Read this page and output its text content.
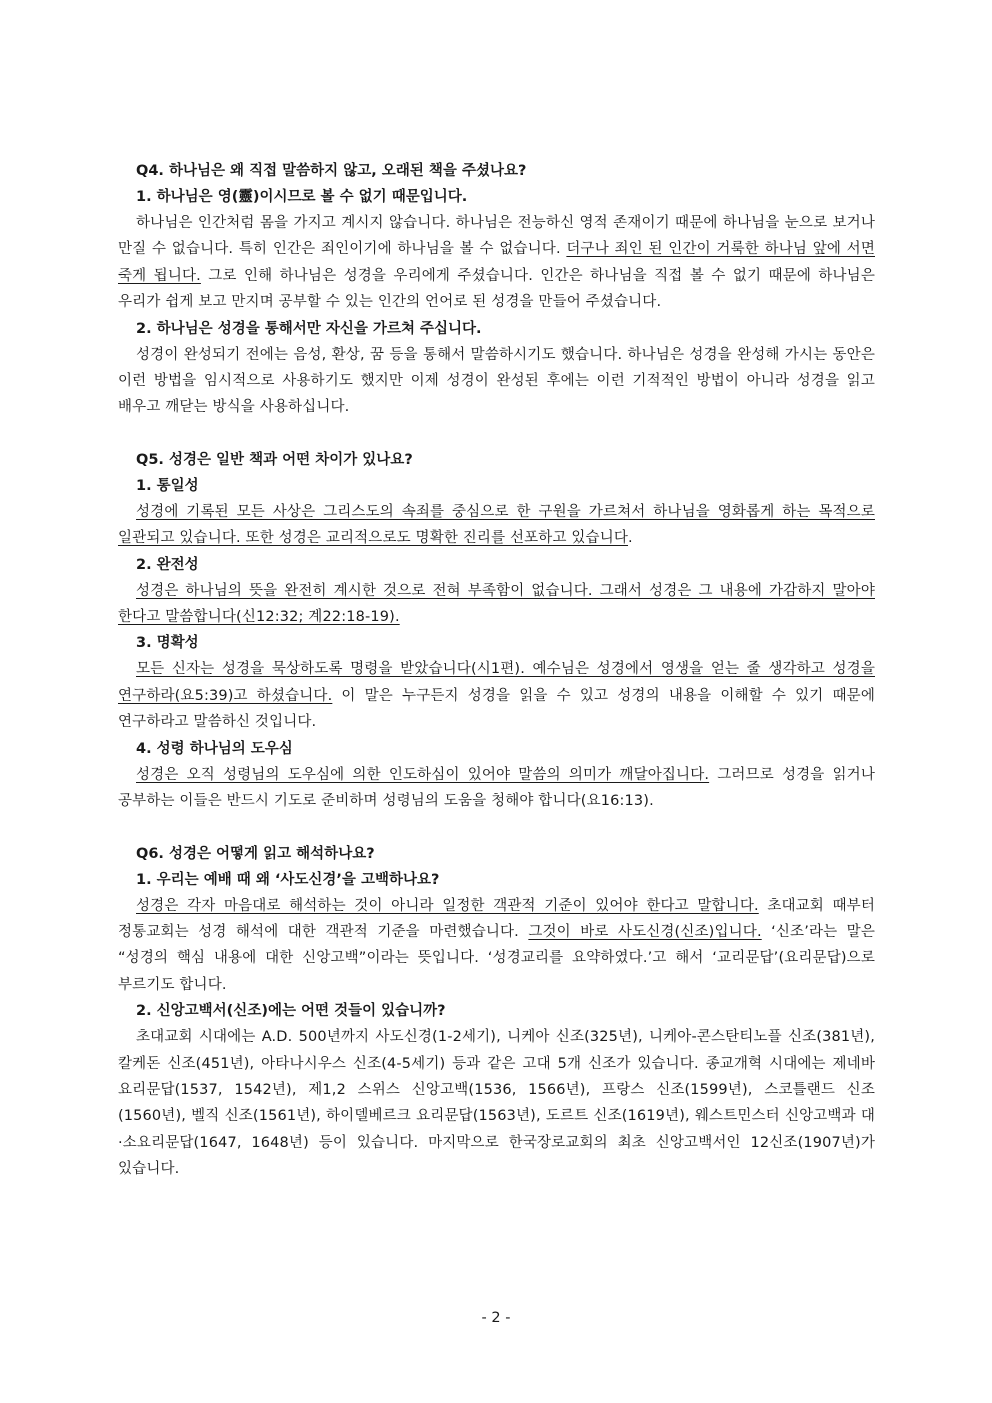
Q4. 하나님은 왜 직접 말씀하지 않고, 오래된 책을 주셨나요?
1. 하나님은 영(靈)이시므로 볼 수 없기 때문입니다.

하나님은 인간처럼 몸을 가지고 계시지 않습니다. 하나님은 전능하신 영적 존재이기 때문에 하나님을 눈으로 보거나 만질 수 없습니다. 특히 인간은 죄인이기에 하나님을 볼 수 없습니다. 더구나 죄인 된 인간이 거룩한 하나님 앞에 서면 죽게 됩니다. 그로 인해 하나님은 성경을 우리에게 주셨습니다. 인간은 하나님을 직접 볼 수 없기 때문에 하나님은 우리가 쉽게 보고 만지며 공부할 수 있는 인간의 언어로 된 성경을 만들어 주셨습니다.

2. 하나님은 성경을 통해서만 자신을 가르쳐 주십니다.

성경이 완성되기 전에는 음성, 환상, 꿈 등을 통해서 말씀하시기도 했습니다. 하나님은 성경을 완성해 가시는 동안은 이런 방법을 임시적으로 사용하기도 했지만 이제 성경이 완성된 후에는 이런 기적적인 방법이 아니라 성경을 읽고 배우고 깨닫는 방식을 사용하십니다.

Q5. 성경은 일반 책과 어떤 차이가 있나요?
1. 통일성

성경에 기록된 모든 사상은 그리스도의 속죄를 중심으로 한 구원을 가르쳐서 하나님을 영화롭게 하는 목적으로 일관되고 있습니다. 또한 성경은 교리적으로도 명확한 진리를 선포하고 있습니다.

2. 완전성

성경은 하나님의 뜻을 완전히 계시한 것으로 전혀 부족함이 없습니다. 그래서 성경은 그 내용에 가감하지 말아야 한다고 말씀합니다(신12:32; 계22:18-19).

3. 명확성

모든 신자는 성경을 묵상하도록 명령을 받았습니다(시1편). 예수님은 성경에서 영생을 얻는 줄 생각하고 성경을 연구하라(요5:39)고 하셨습니다. 이 말은 누구든지 성경을 읽을 수 있고 성경의 내용을 이해할 수 있기 때문에 연구하라고 말씀하신 것입니다.

4. 성령 하나님의 도우심

성경은 오직 성령님의 도우심에 의한 인도하심이 있어야 말씀의 의미가 깨달아집니다. 그러므로 성경을 읽거나 공부하는 이들은 반드시 기도로 준비하며 성령님의 도움을 청해야 합니다(요16:13).

Q6. 성경은 어떻게 읽고 해석하나요?
1. 우리는 예배 때 왜 ‘사도신경’을 고백하나요?

성경은 각자 마음대로 해석하는 것이 아니라 일정한 객관적 기준이 있어야 한다고 말합니다. 초대교회 때부터 정통교회는 성경 해석에 대한 객관적 기준을 마련했습니다. 그것이 바로 사도신경(신조)입니다. ‘신조’라는 말은 “성경의 핵심 내용에 대한 신앙고백”이라는 뜻입니다. ‘성경교리를 요약하였다.’고 해서 ‘교리문답’(요리문답)으로 부르기도 합니다.

2. 신앙고백서(신조)에는 어떤 것들이 있습니까?

초대교회 시대에는 A.D. 500년까지 사도신경(1-2세기), 니케아 신조(325년), 니케아-콘스탄티노플 신조(381년), 칼케돈 신조(451년), 아타나시우스 신조(4-5세기) 등과 같은 고대 5개 신조가 있습니다. 종교개혁 시대에는 제네바 요리문답(1537, 1542년), 제1,2 스위스 신앙고백(1536, 1566년), 프랑스 신조(1599년), 스코틀랜드 신조(1560년), 벨직 신조(1561년), 하이델베르크 요리문답(1563년), 도르트 신조(1619년), 웨스트민스터 신앙고백과 대·소요리문답(1647, 1648년) 등이 있습니다. 마지막으로 한국장로교회의 최초 신앙고백서인 12신조(1907년)가 있습니다.

- 2 -
